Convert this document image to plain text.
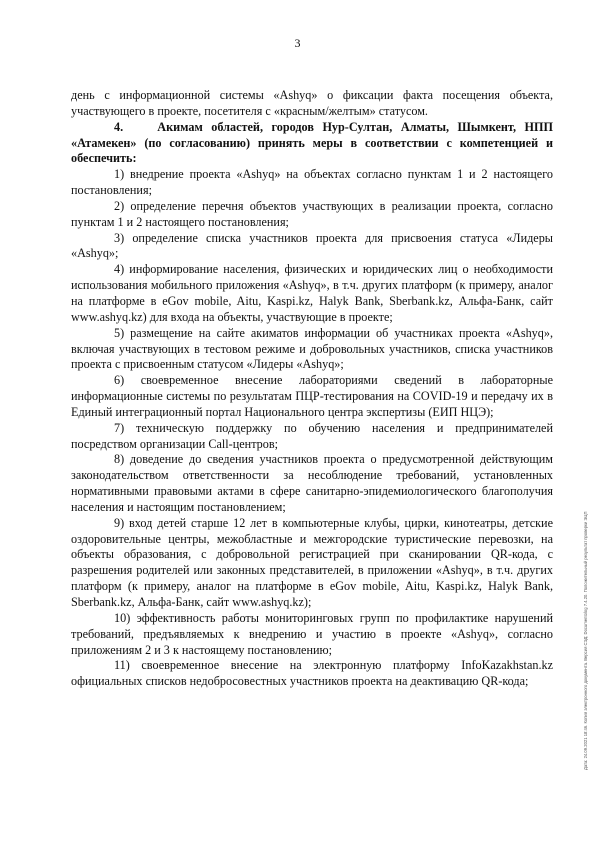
3

день с информационной системы «Ashyq» о фиксации факта посещения объекта, участвующего в проекте, посетителя с «красным/желтым» статусом.

4.    Акимам областей, городов Нур-Султан, Алматы, Шымкент, НПП «Атамекен» (по согласованию) принять меры в соответствии с компетенцией и обеспечить:

1) внедрение проекта «Ashyq» на объектах согласно пунктам 1 и 2 настоящего постановления;

2) определение перечня объектов участвующих в реализации проекта, согласно пунктам 1 и 2 настоящего постановления;

3) определение списка участников проекта для присвоения статуса «Лидеры «Ashyq»;

4) информирование населения, физических и юридических лиц о необходимости использования мобильного приложения «Ashyq», в т.ч. других платформ (к примеру, аналог на платформе в eGov mobile, Aitu, Kaspi.kz, Halyk Bank, Sberbank.kz, Альфа-Банк, сайт www.ashyq.kz) для входа на объекты, участвующие в проекте;

5) размещение на сайте акиматов информации об участниках проекта «Ashyq», включая участвующих в тестовом режиме и добровольных участников, списка участников проекта с присвоенным статусом «Лидеры «Ashyq»;

6) своевременное внесение лабораториями сведений в лабораторные информационные системы по результатам ПЦР-тестирования на COVID-19 и передачу их в Единый интеграционный портал Национального центра экспертизы (ЕИП НЦЭ);

7) техническую поддержку по обучению населения и предпринимателей посредством организации Call-центров;

8) доведение до сведения участников проекта о предусмотренной действующим законодательством ответственности за несоблюдение требований, установленных нормативными правовыми актами в сфере санитарно-эпидемиологического благополучия населения и настоящим постановлением;

9) вход детей старше 12 лет в компьютерные клубы, цирки, кинотеатры, детские оздоровительные центры, межобластные и межгородские туристические перевозки, на объекты образования, с добровольной регистрацией при сканировании QR-кода, с разрешения родителей или законных представителей, в приложении «Ashyq», в т.ч. других платформ (к примеру, аналог на платформе в eGov mobile, Aitu, Kaspi.kz, Halyk Bank, Sberbank.kz, Альфа-Банк, сайт www.ashyq.kz);

10) эффективность работы мониторинговых групп по профилактике нарушений требований, предъявляемых к внедрению и участию в проекте «Ashyq», согласно приложениям 2 и 3 к настоящему постановлению;

11) своевременное внесение на электронную платформу InfoKazakhstan.kz официальных списков недобросовестных участников проекта на деактивацию QR-кода;	Дата: 24.09.2021 18:46. Копия электронного документа. Версия СЭД: Documentolog 7.4.20. Положительный результат проверки ЭЦП
